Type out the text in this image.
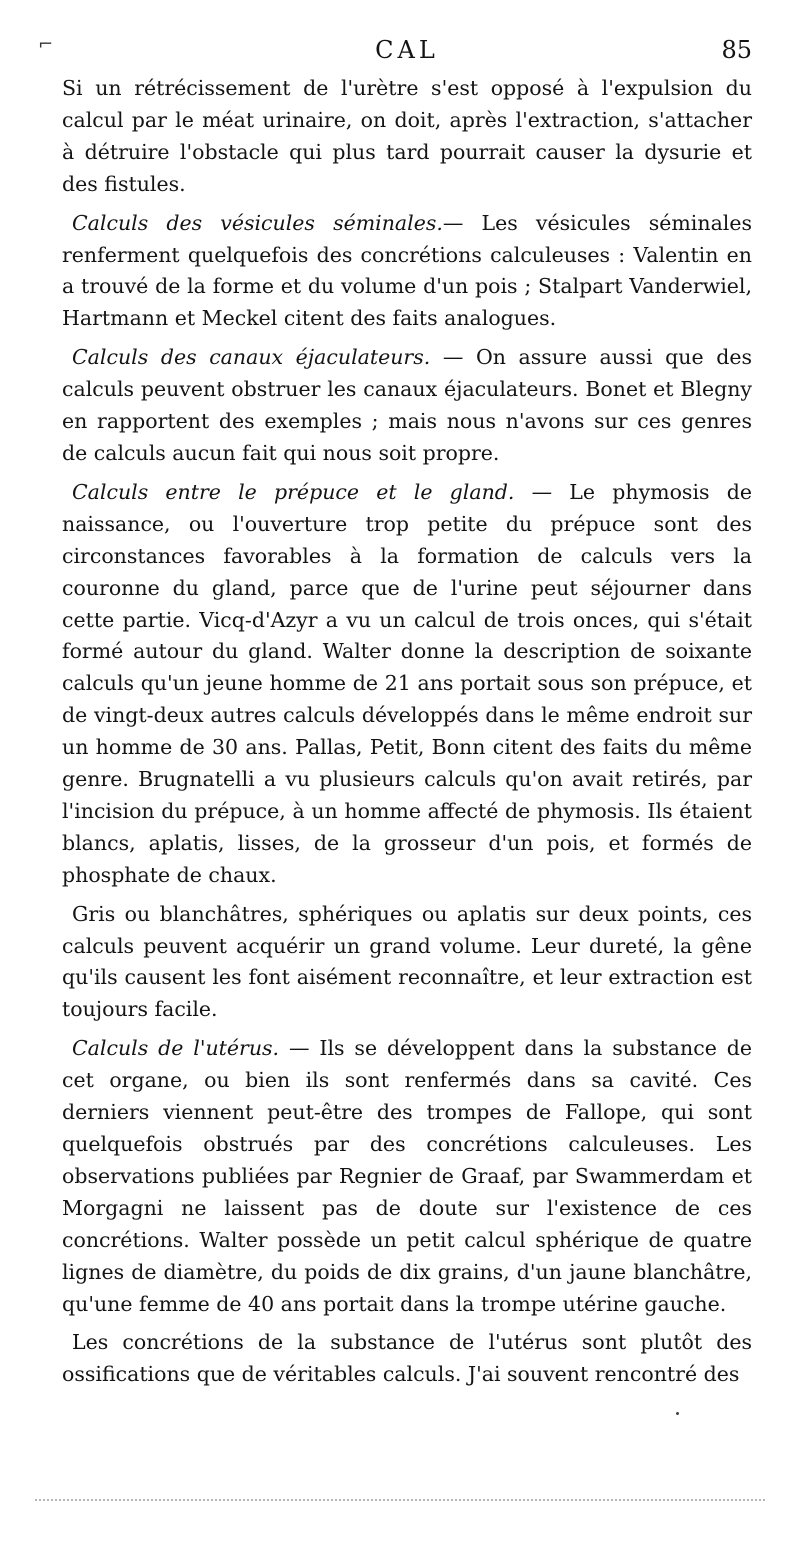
⌐	CAL	85

Si un rétrécissement de l'urètre s'est opposé à l'expulsion du calcul par le méat urinaire, on doit, après l'extraction, s'attacher à détruire l'obstacle qui plus tard pourrait causer la dysurie et des fistules.

Calculs des vésicules séminales.— Les vésicules séminales renferment quelquefois des concrétions calculeuses : Valentin en a trouvé de la forme et du volume d'un pois ; Stalpart Vanderwiel, Hartmann et Meckel citent des faits analogues.

Calculs des canaux éjaculateurs. — On assure aussi que des calculs peuvent obstruer les canaux éjaculateurs. Bonet et Blegny en rapportent des exemples ; mais nous n'avons sur ces genres de calculs aucun fait qui nous soit propre.

Calculs entre le prépuce et le gland. — Le phymosis de naissance, ou l'ouverture trop petite du prépuce sont des circonstances favorables à la formation de calculs vers la couronne du gland, parce que de l'urine peut séjourner dans cette partie. Vicq-d'Azyr a vu un calcul de trois onces, qui s'était formé autour du gland. Walter donne la description de soixante calculs qu'un jeune homme de 21 ans portait sous son prépuce, et de vingt-deux autres calculs développés dans le même endroit sur un homme de 30 ans. Pallas, Petit, Bonn citent des faits du même genre. Brugnatelli a vu plusieurs calculs qu'on avait retirés, par l'incision du prépuce, à un homme affecté de phymosis. Ils étaient blancs, aplatis, lisses, de la grosseur d'un pois, et formés de phosphate de chaux.

Gris ou blanchâtres, sphériques ou aplatis sur deux points, ces calculs peuvent acquérir un grand volume. Leur dureté, la gêne qu'ils causent les font aisément reconnaître, et leur extraction est toujours facile.

Calculs de l'utérus. — Ils se développent dans la substance de cet organe, ou bien ils sont renfermés dans sa cavité. Ces derniers viennent peut-être des trompes de Fallope, qui sont quelquefois obstrués par des concrétions calculeuses. Les observations publiées par Regnier de Graaf, par Swammerdam et Morgagni ne laissent pas de doute sur l'existence de ces concrétions. Walter possède un petit calcul sphérique de quatre lignes de diamètre, du poids de dix grains, d'un jaune blanchâtre, qu'une femme de 40 ans portait dans la trompe utérine gauche.

Les concrétions de la substance de l'utérus sont plutôt des ossifications que de véritables calculs. J'ai souvent rencontré des
